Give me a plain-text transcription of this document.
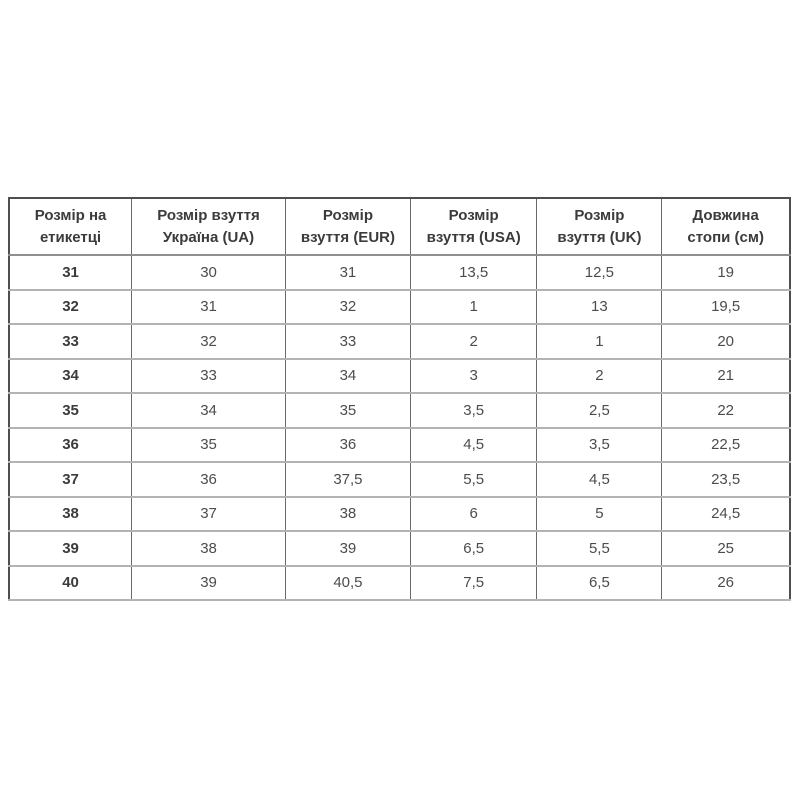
Розмір на етикетці	Розмір взуття Україна (UA)	Розмір взуття (EUR)	Розмір взуття (USA)	Розмір взуття (UK)	Довжина стопи (см)
31	30	31	13,5	12,5	19
32	31	32	1	13	19,5
33	32	33	2	1	20
34	33	34	3	2	21
35	34	35	3,5	2,5	22
36	35	36	4,5	3,5	22,5
37	36	37,5	5,5	4,5	23,5
38	37	38	6	5	24,5
39	38	39	6,5	5,5	25
40	39	40,5	7,5	6,5	26
